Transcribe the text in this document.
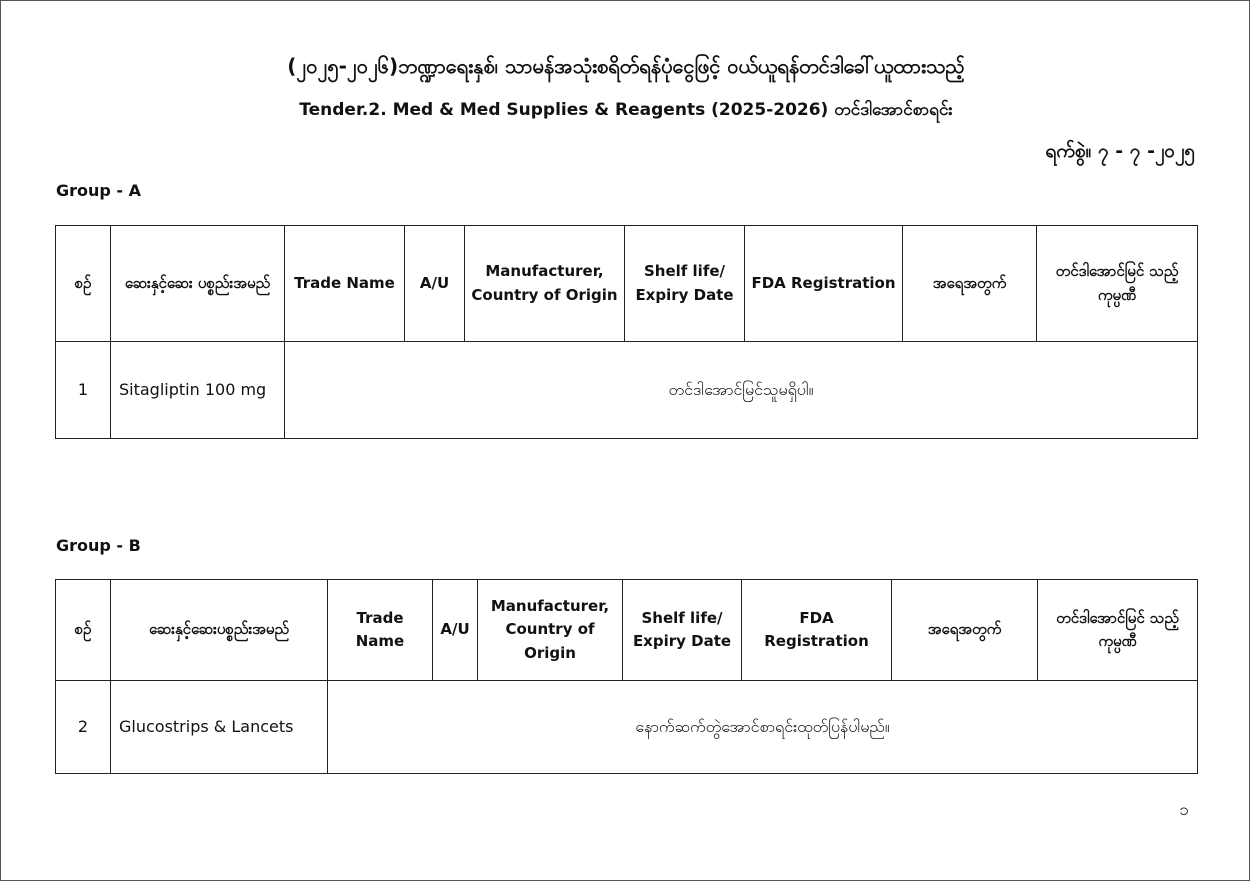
(၂၀၂၅-၂၀၂၆)ဘဏ္ဍာရေးနှစ်၊ သာမန်အသုံးစရိတ်ရန်ပုံငွေဖြင့် ဝယ်ယူရန်တင်ဒါခေါ်ယူထားသည့်
Tender.2. Med & Med Supplies & Reagents (2025-2026) တင်ဒါအောင်စာရင်း
ရက်စွဲ။ ၇ - ၇ -၂၀၂၅
Group - A
စဉ်	ဆေးနှင့်ဆေး ပစ္စည်းအမည်	Trade Name	A/U	Manufacturer, Country of Origin	Shelf life/ Expiry Date	FDA Registration	အရေအတွက်	တင်ဒါအောင်မြင် သည့်ကုမ္ပဏီ
1	Sitagliptin 100 mg	တင်ဒါအောင်မြင်သူမရှိပါ။						
Group - B
စဉ်	ဆေးနှင့်ဆေးပစ္စည်းအမည်	Trade Name	A/U	Manufacturer, Country of Origin	Shelf life/ Expiry Date	FDA Registration	အရေအတွက်	တင်ဒါအောင်မြင် သည့်ကုမ္ပဏီ
2	Glucostrips & Lancets	နောက်ဆက်တွဲအောင်စာရင်းထုတ်ပြန်ပါမည်။						
၁
